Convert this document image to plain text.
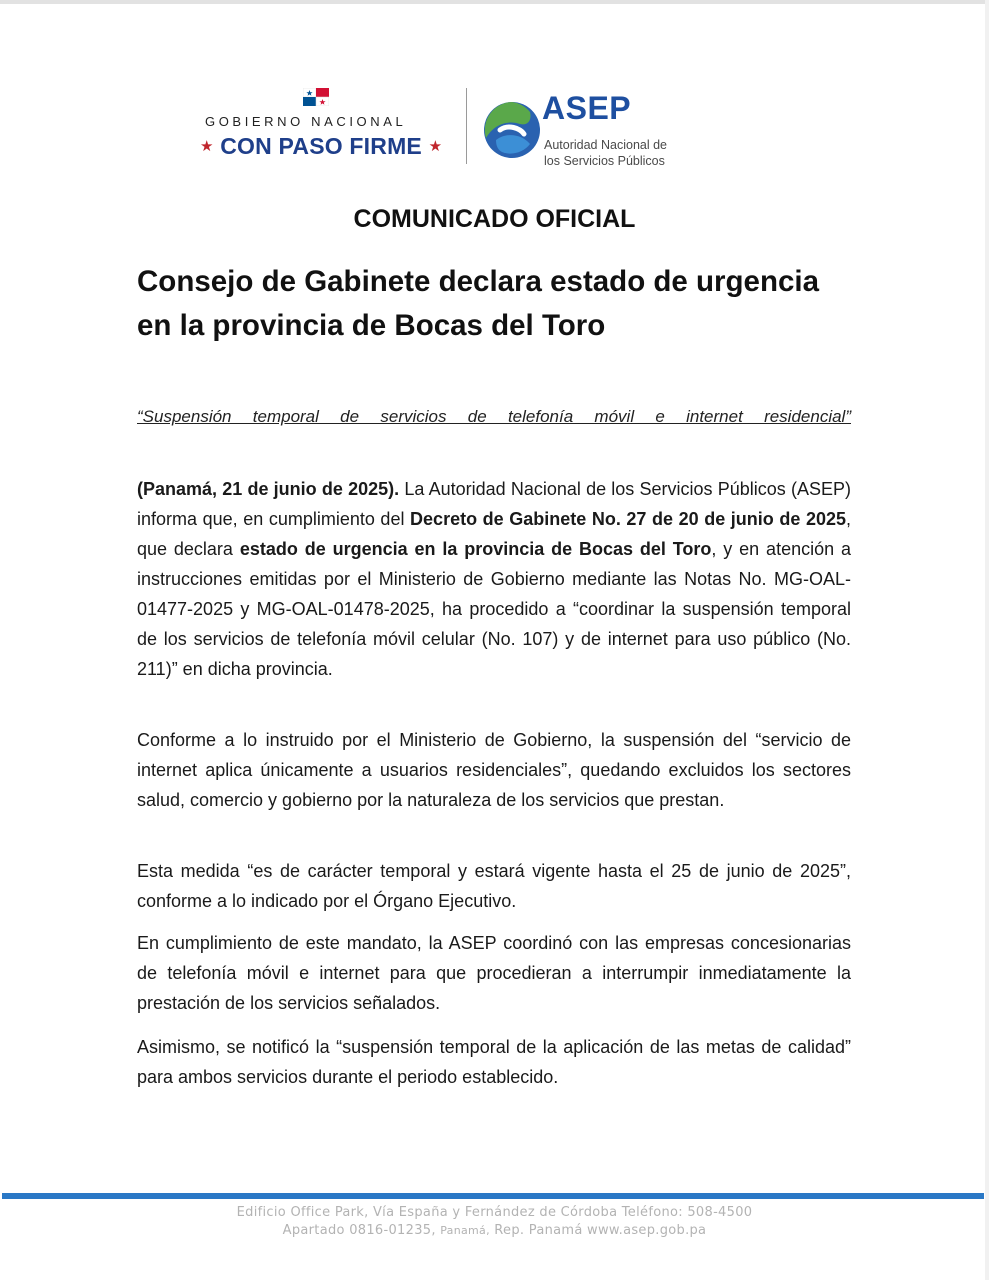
GOBIERNO NACIONAL
★ CON PASO FIRME ★
ASEP
Autoridad Nacional de
los Servicios Públicos
COMUNICADO OFICIAL
Consejo de Gabinete declara estado de urgencia en la provincia de Bocas del Toro
“Suspensión temporal de servicios de telefonía móvil e internet residencial”
(Panamá, 21 de junio de 2025). La Autoridad Nacional de los Servicios Públicos (ASEP) informa que, en cumplimiento del Decreto de Gabinete No. 27 de 20 de junio de 2025, que declara estado de urgencia en la provincia de Bocas del Toro, y en atención a instrucciones emitidas por el Ministerio de Gobierno mediante las Notas No. MG-OAL-01477-2025 y MG-OAL-01478-2025, ha procedido a “coordinar la suspensión temporal de los servicios de telefonía móvil celular (No. 107) y de internet para uso público (No. 211)” en dicha provincia.
Conforme a lo instruido por el Ministerio de Gobierno, la suspensión del “servicio de internet aplica únicamente a usuarios residenciales”, quedando excluidos los sectores salud, comercio y gobierno por la naturaleza de los servicios que prestan.
Esta medida “es de carácter temporal y estará vigente hasta el 25 de junio de 2025”, conforme a lo indicado por el Órgano Ejecutivo.
En cumplimiento de este mandato, la ASEP coordinó con las empresas concesionarias de telefonía móvil e internet para que procedieran a interrumpir inmediatamente la prestación de los servicios señalados.
Asimismo, se notificó la “suspensión temporal de la aplicación de las metas de calidad” para ambos servicios durante el periodo establecido.
Edificio Office Park, Vía España y Fernández de Córdoba Teléfono: 508-4500
Apartado 0816-01235, Panamá, Rep. Panamá www.asep.gob.pa
